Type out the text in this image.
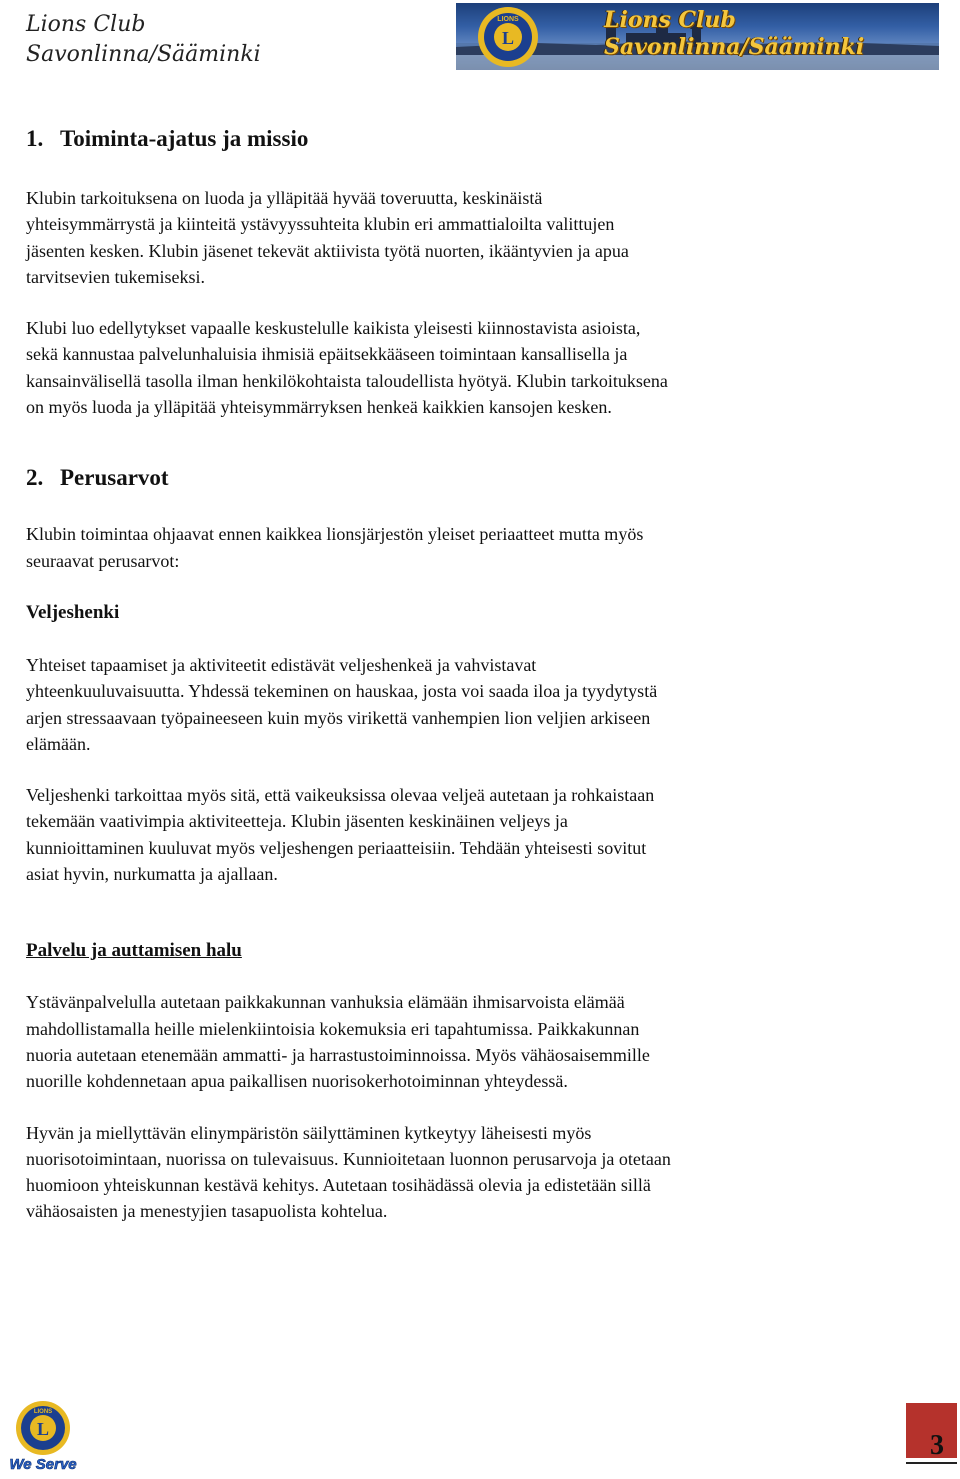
Lions Club
Savonlinna/Sääminki
L
LIONS	Lions Club
Savonlinna/Sääminki
1. Toiminta-ajatus ja missio

Klubin tarkoituksena on luoda ja ylläpitää hyvää toveruutta, keskinäistä
yhteisymmärrystä ja kiinteitä ystävyyssuhteita klubin eri ammattialoilta valittujen
jäsenten kesken. Klubin jäsenet tekevät aktiivista työtä nuorten, ikääntyvien ja apua
tarvitsevien tukemiseksi.

Klubi luo edellytykset vapaalle keskustelulle kaikista yleisesti kiinnostavista asioista,
sekä kannustaa palvelunhaluisia ihmisiä epäitsekkääseen toimintaan kansallisella ja
kansainvälisellä tasolla ilman henkilökohtaista taloudellista hyötyä. Klubin tarkoituksena
on myös luoda ja ylläpitää yhteisymmärryksen henkeä kaikkien kansojen kesken.

2. Perusarvot

Klubin toimintaa ohjaavat ennen kaikkea lionsjärjestön yleiset periaatteet mutta myös
seuraavat perusarvot:

Veljeshenki

Yhteiset tapaamiset ja aktiviteetit edistävät veljeshenkeä ja vahvistavat
yhteenkuuluvaisuutta. Yhdessä tekeminen on hauskaa, josta voi saada iloa ja tyydytystä
arjen stressaavaan työpaineeseen kuin myös virikettä vanhempien lion veljien arkiseen
elämään.

Veljeshenki tarkoittaa myös sitä, että vaikeuksissa olevaa veljeä autetaan ja rohkaistaan
tekemään vaativimpia aktiviteetteja. Klubin jäsenten keskinäinen veljeys ja
kunnioittaminen kuuluvat myös veljeshengen periaatteisiin. Tehdään yhteisesti sovitut
asiat hyvin, nurkumatta ja ajallaan.

Palvelu ja auttamisen halu

Ystävänpalvelulla autetaan paikkakunnan vanhuksia elämään ihmisarvoista elämää
mahdollistamalla heille mielenkiintoisia kokemuksia eri tapahtumissa. Paikkakunnan
nuoria autetaan etenemään ammatti- ja harrastustoiminnoissa. Myös vähäosaisemmille
nuorille kohdennetaan apua paikallisen nuorisokerhotoiminnan yhteydessä.

Hyvän ja miellyttävän elinympäristön säilyttäminen kytkeytyy läheisesti myös
nuorisotoimintaan, nuorissa on tulevaisuus. Kunnioitetaan luonnon perusarvoja ja otetaan
huomioon yhteiskunnan kestävä kehitys. Autetaan tosihädässä olevia ja edistetään sillä
vähäosaisten ja menestyjien tasapuolista kohtelua.

L
LIONS
We Serve
3
